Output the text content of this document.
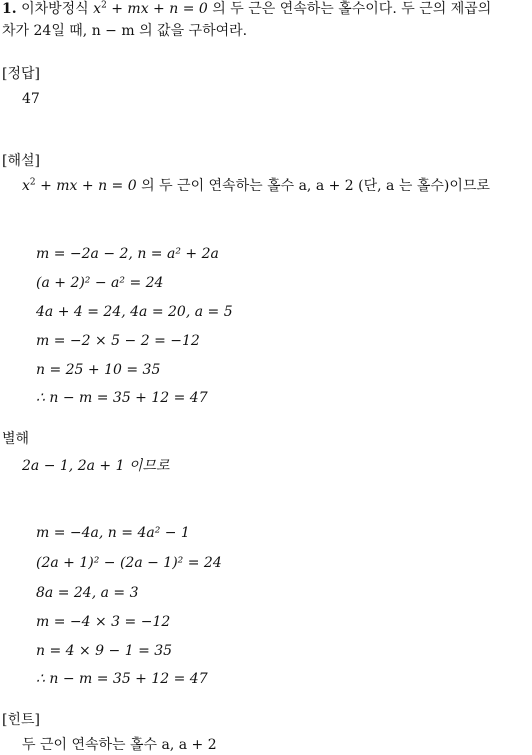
1. 이차방정식 $x^2$ + mx + n = 0 의 두 근은 연속하는 홀수이다. 두 근의 제곱의
차가 24일 때, n − m 의 값을 구하여라.
[정답]
47
[해설]
$x^2$ + mx + n = 0 의 두 근이 연속하는 홀수 a, a + 2 (단, a 는 홀수)이므로
m = −2a − 2, n = a² + 2a
(a + 2)² − a² = 24
4a + 4 = 24, 4a = 20, a = 5
m = −2 × 5 − 2 = −12
n = 25 + 10 = 35
∴ n − m = 35 + 12 = 47
별해
2a − 1, 2a + 1 이므로
m = −4a, n = 4a² − 1
(2a + 1)² − (2a − 1)² = 24
8a = 24, a = 3
m = −4 × 3 = −12
n = 4 × 9 − 1 = 35
∴ n − m = 35 + 12 = 47
[힌트]
두 근이 연속하는 홀수 a, a + 2
